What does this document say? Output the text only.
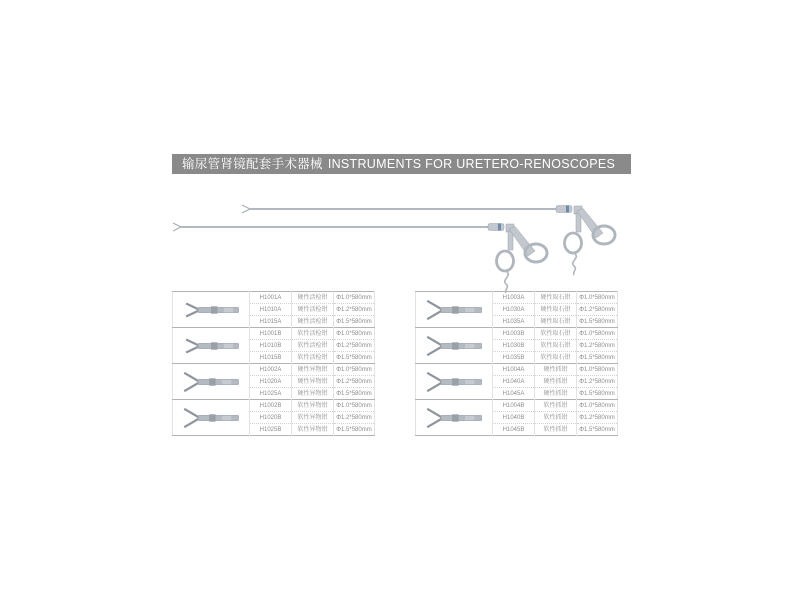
输尿管肾镜配套手术器械 INSTRUMENTS FOR URETERO-RENOSCOPES
	H1001A	硬性活检钳	Φ1.0*580mm
	H1010A	硬性活检钳	Φ1.2*580mm
	H1015A	硬性活检钳	Φ1.5*580mm

	H1001B	软性活检钳	Φ1.0*580mm
	H1010B	软性活检钳	Φ1.2*580mm
	H1015B	软性活检钳	Φ1.5*580mm

	H1002A	硬性异物钳	Φ1.0*580mm
	H1020A	硬性异物钳	Φ1.2*580mm
	H1025A	硬性异物钳	Φ1.5*580mm

	H1002B	软性异物钳	Φ1.0*580mm
	H1020B	软性异物钳	Φ1.2*580mm
	H1025B	软性异物钳	Φ1.5*580mm
	H1003A	硬性取石钳	Φ1.0*580mm
	H1030A	硬性取石钳	Φ1.2*580mm
	H1035A	硬性取石钳	Φ1.5*580mm

	H1003B	软性取石钳	Φ1.0*580mm
	H1030B	软性取石钳	Φ1.2*580mm
	H1035B	软性取石钳	Φ1.5*580mm

	H1004A	硬性抓钳	Φ1.0*580mm
	H1040A	硬性抓钳	Φ1.2*580mm
	H1045A	硬性抓钳	Φ1.5*580mm

	H1004B	软性抓钳	Φ1.0*580mm
	H1040B	软性抓钳	Φ1.2*580mm
	H1045B	软性抓钳	Φ1.5*580mm
